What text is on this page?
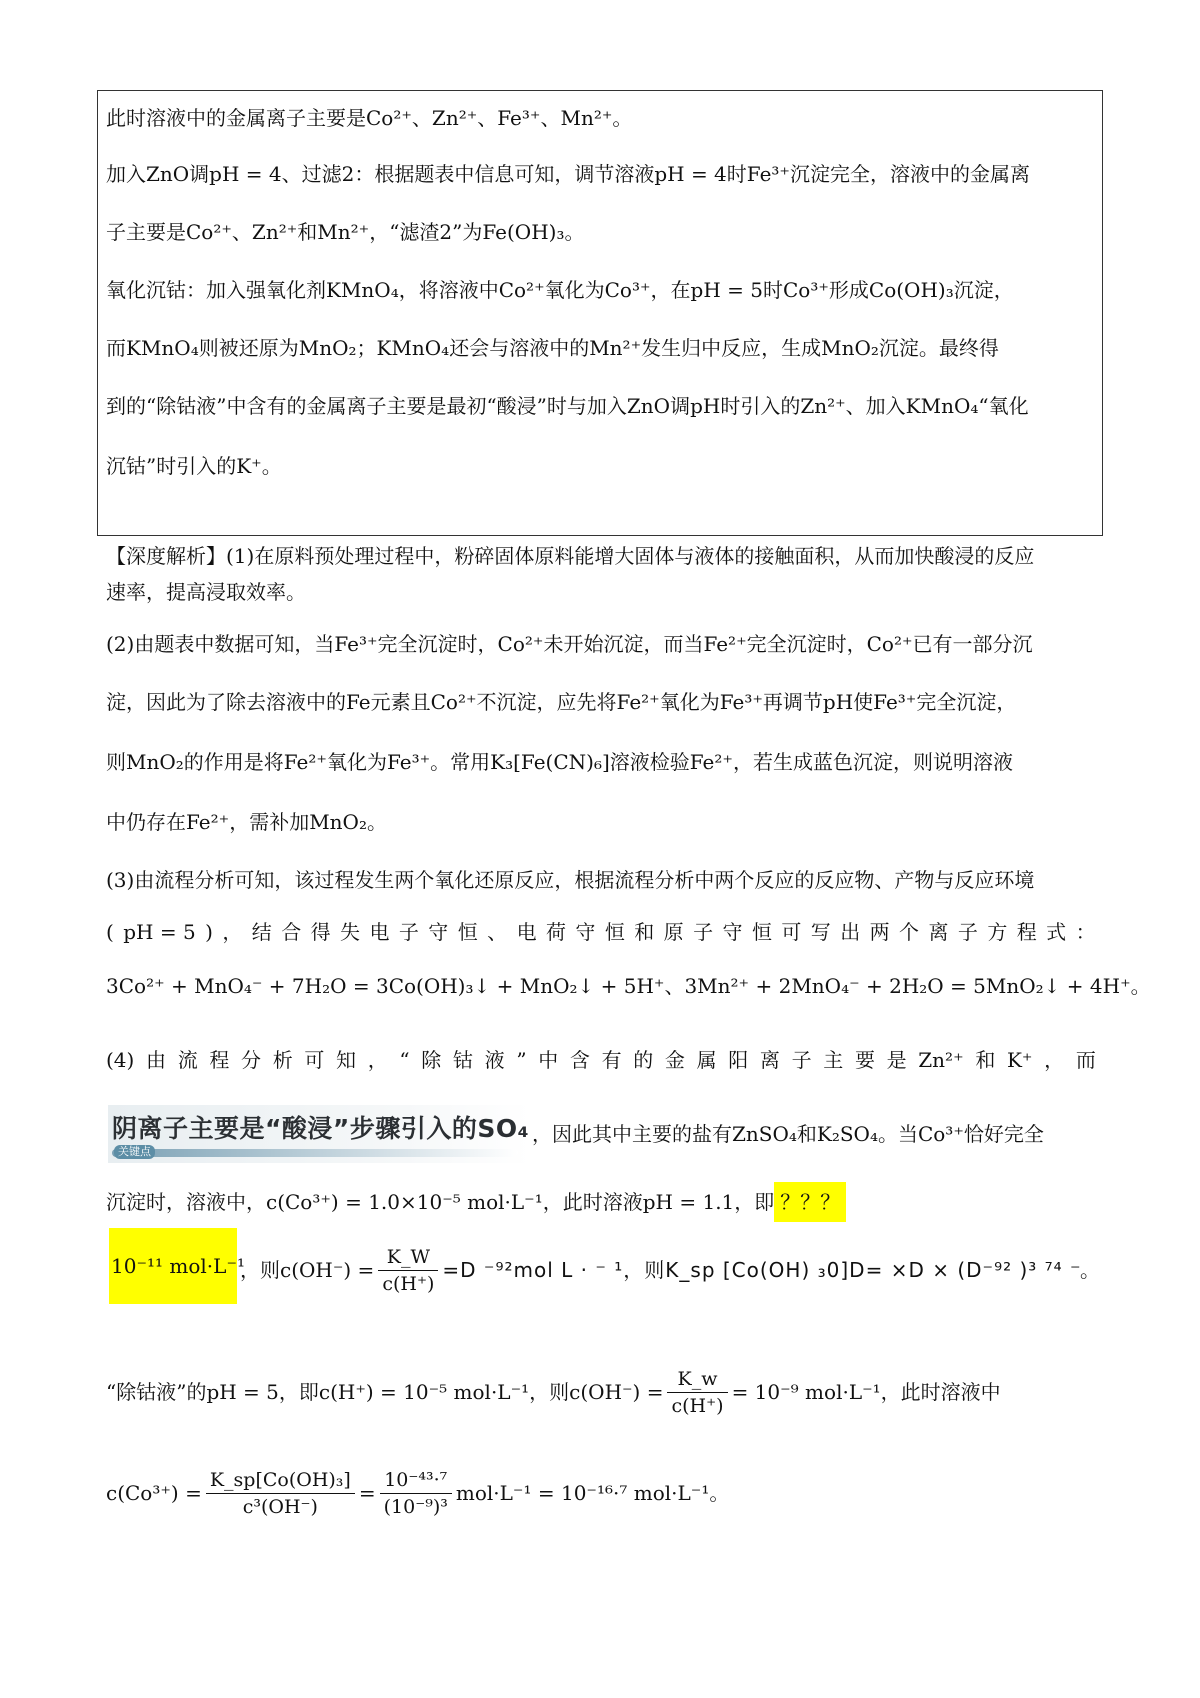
此时溶液中的金属离子主要是Co²⁺、Zn²⁺、Fe³⁺、Mn²⁺。
加入ZnO调pH = 4、过滤2：根据题表中信息可知，调节溶液pH = 4时Fe³⁺沉淀完全，溶液中的金属离
子主要是Co²⁺、Zn²⁺和Mn²⁺，“滤渣2”为Fe(OH)₃。
氧化沉钴：加入强氧化剂KMnO₄，将溶液中Co²⁺氧化为Co³⁺，在pH = 5时Co³⁺形成Co(OH)₃沉淀，
而KMnO₄则被还原为MnO₂；KMnO₄还会与溶液中的Mn²⁺发生归中反应，生成MnO₂沉淀。最终得
到的“除钴液”中含有的金属离子主要是最初“酸浸”时与加入ZnO调pH时引入的Zn²⁺、加入KMnO₄“氧化
沉钴”时引入的K⁺。
【深度解析】(1)在原料预处理过程中，粉碎固体原料能增大固体与液体的接触面积，从而加快酸浸的反应
速率，提高浸取效率。
(2)由题表中数据可知，当Fe³⁺完全沉淀时，Co²⁺未开始沉淀，而当Fe²⁺完全沉淀时，Co²⁺已有一部分沉
淀，因此为了除去溶液中的Fe元素且Co²⁺不沉淀，应先将Fe²⁺氧化为Fe³⁺再调节pH使Fe³⁺完全沉淀，
则MnO₂的作用是将Fe²⁺氧化为Fe³⁺。常用K₃[Fe(CN)₆]溶液检验Fe²⁺，若生成蓝色沉淀，则说明溶液
中仍存在Fe²⁺，需补加MnO₂。
(3)由流程分析可知，该过程发生两个氧化还原反应，根据流程分析中两个反应的反应物、产物与反应环境
( pH = 5 ) ， 结 合 得 失 电 子 守 恒 、 电 荷 守 恒 和 原 子 守 恒 可 写 出 两 个 离 子 方 程 式 ：
3Co²⁺ + MnO₄⁻ + 7H₂O = 3Co(OH)₃↓ + MnO₂↓ + 5H⁺、3Mn²⁺ + 2MnO₄⁻ + 2H₂O = 5MnO₂↓ + 4H⁺。
(4) 由 流 程 分 析 可 知 ， “ 除 钴 液 ” 中 含 有 的 金 属 阳 离 子 主 要 是 Zn²⁺ 和 K⁺ ， 而
阴离子主要是“酸浸”步骤引入的SO₄
关键点
，因此其中主要的盐有ZnSO₄和K₂SO₄。当Co³⁺恰好完全
沉淀时，溶液中，c(Co³⁺) = 1.0×10⁻⁵ mol·L⁻¹，此时溶液pH = 1.1，即 ？？？
10⁻¹¹ mol·L⁻¹
，则$c(OH^-) = \frac{K\_W}{c(H^+)} =D$ ⁻⁹²mol L · ⁻ ¹，则K_sp [Co(OH) ₃0]D= ×D × (D⁻⁹² )³ ⁷⁴ ⁻
。
“除钴液”的pH = 5，即c(H⁺) = 10⁻⁵ mol·L⁻¹，则$c(OH^-) = \frac{K\_w}{c(H^+)} = 10^{-9}$ mol·L⁻¹，此时溶液中
$c(Co^{3+}) = \frac{\text{K\_sp[Co(OH)₃]}}{\text{c³(OH⁻)}} = \frac{\text{10⁻⁴³·⁷}}{\text{(10⁻⁹)³}} mol\cdot L^{-1} = 10^{-16}\cdot^7$ mol·L⁻¹。
